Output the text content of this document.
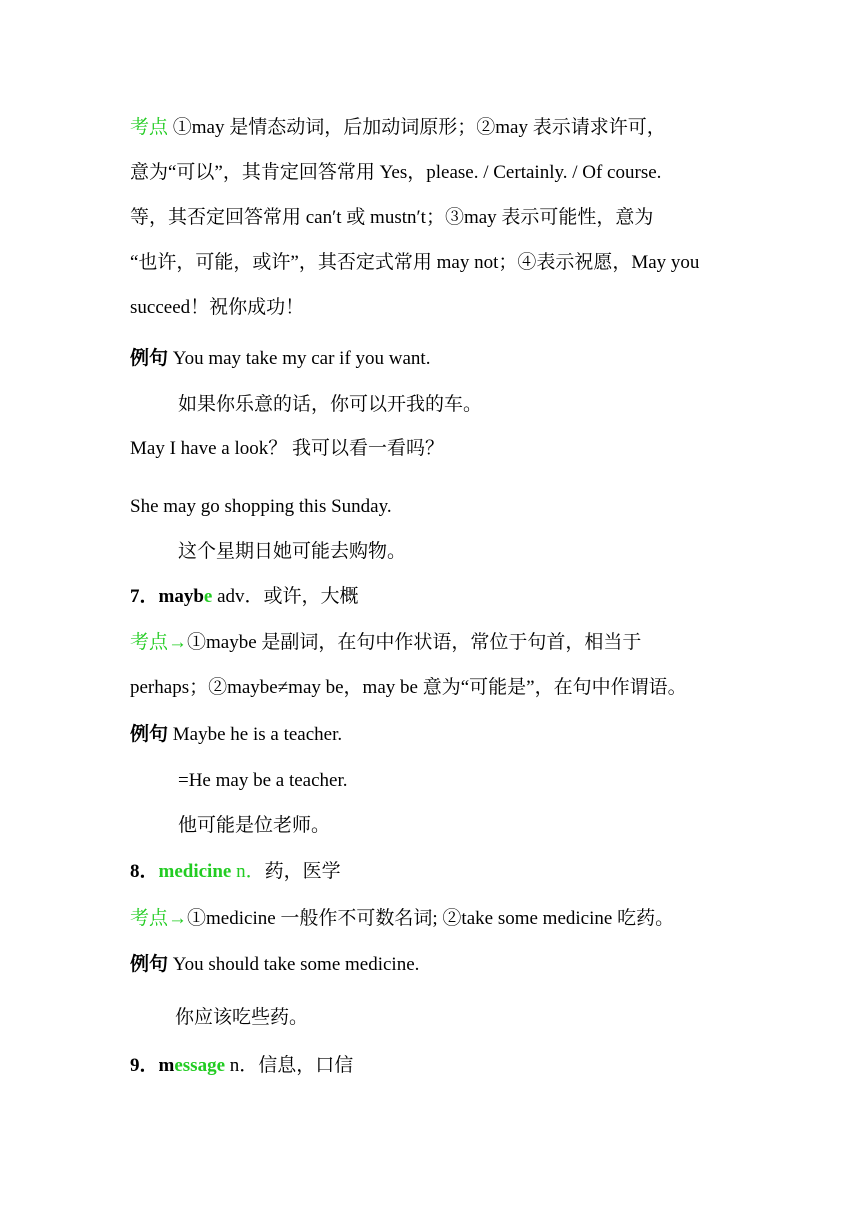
考点 ①may 是情态动词，后加动词原形；②may 表示请求许可，
意为“可以”，其肯定回答常用 Yes，please. / Certainly. / Of course.
等，其否定回答常用 can′t 或 mustn′t；③may 表示可能性，意为
“也许，可能，或许”，其否定式常用 may not；④表示祝愿，May you
succeed！祝你成功！
例句 You may take my car if you want.
如果你乐意的话，你可以开我的车。
May I have a look？ 我可以看一看吗？
She may go shopping this Sunday.
这个星期日她可能去购物。
7．maybe adv．或许，大概
考点→①maybe 是副词，在句中作状语，常位于句首，相当于
perhaps；②maybe≠may be，may be 意为“可能是”，在句中作谓语。
例句 Maybe he is a teacher.
=He may be a teacher.
他可能是位老师。
8．medicine n．药，医学
考点→①medicine 一般作不可数名词; ②take some medicine 吃药。
例句 You should take some medicine.
你应该吃些药。
9．message n．信息，口信
